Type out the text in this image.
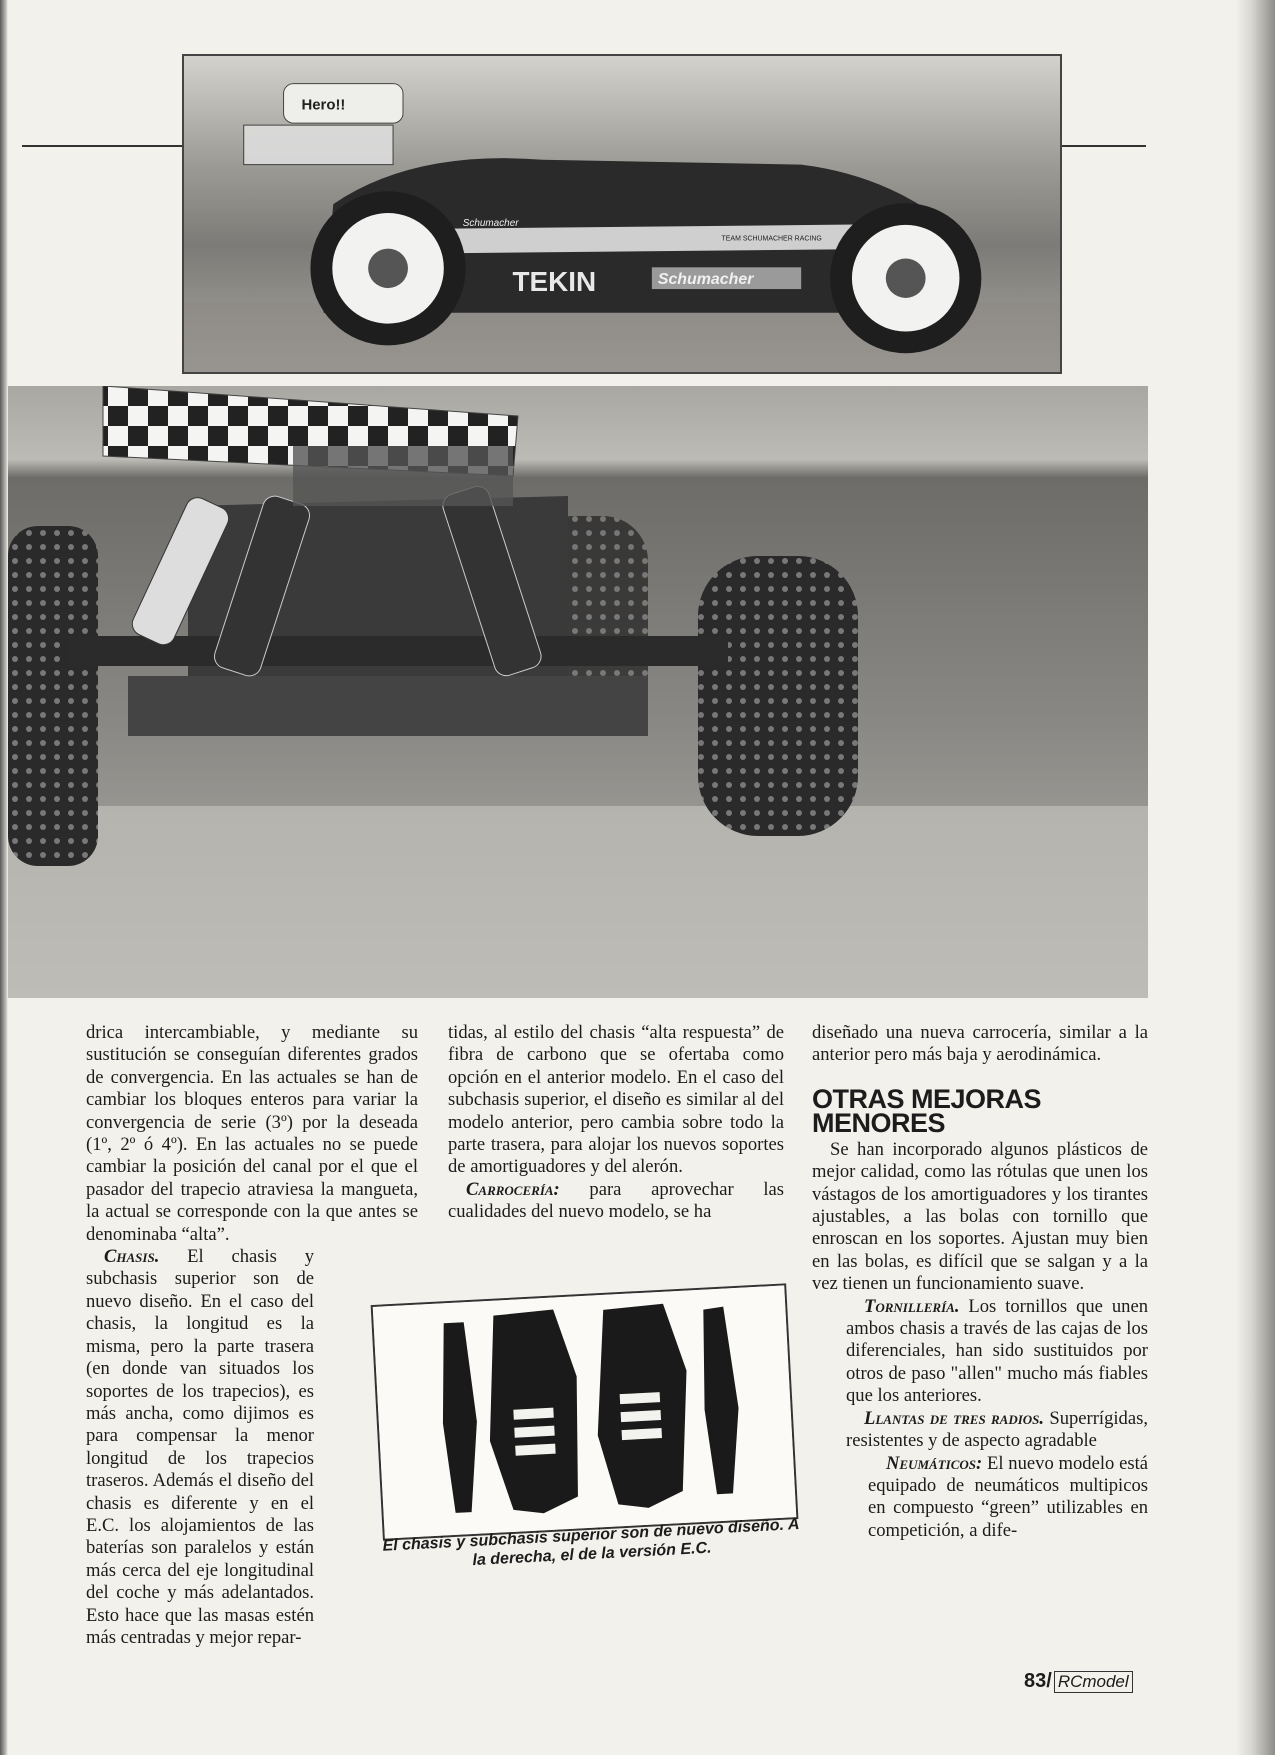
Hero!!
TEKIN	Schumacher
Schumacher
TEAM SCHUMACHER RACING

drica intercambiable, y mediante su sustitución se conseguían diferentes grados de convergencia. En las actuales se han de cambiar los bloques enteros para variar la convergencia de serie (3º) por la deseada (1º, 2º ó 4º). En las actuales no se puede cambiar la posición del canal por el que el pasador del trapecio atraviesa la mangueta, la actual se corresponde con la que antes se denominaba “alta”.

Chasis. El chasis y subchasis superior son de nuevo diseño. En el caso del chasis, la longitud es la misma, pero la parte trasera (en donde van situados los soportes de los trapecios), es más ancha, como dijimos es para compensar la menor longitud de los trapecios traseros. Además el diseño del chasis es diferente y en el E.C. los alojamientos de las baterías son paralelos y están más cerca del eje longitudinal del coche y más adelantados. Esto hace que las masas estén más centradas y mejor repar-

tidas, al estilo del chasis “alta respuesta” de fibra de carbono que se ofertaba como opción en el anterior modelo. En el caso del subchasis superior, el diseño es similar al del modelo anterior, pero cambia sobre todo la parte trasera, para alojar los nuevos soportes de amortiguadores y del alerón.

Carrocería: para aprovechar las cualidades del nuevo modelo, se ha

diseñado una nueva carrocería, similar a la anterior pero más baja y aerodinámica.

OTRAS MEJORAS MENORES

Se han incorporado algunos plásticos de mejor calidad, como las rótulas que unen los vástagos de los amortiguadores y los tirantes ajustables, a las bolas con tornillo que enroscan en los soportes. Ajustan muy bien en las bolas, es difícil que se salgan y a la vez tienen un funcionamiento suave.

Tornillería. Los tornillos que unen ambos chasis a través de las cajas de los diferenciales, han sido sustituidos por otros de paso "allen" mucho más fiables que los anteriores.

Llantas de tres radios. Superrígidas, resistentes y de aspecto agradable

Neumáticos: El nuevo modelo está equipado de neumáticos multipicos en compuesto “green” utilizables en competición, a dife-

El chasis y subchasis superior son de nuevo diseño. A la derecha, el de la versión E.C.
83/ RCmodel
